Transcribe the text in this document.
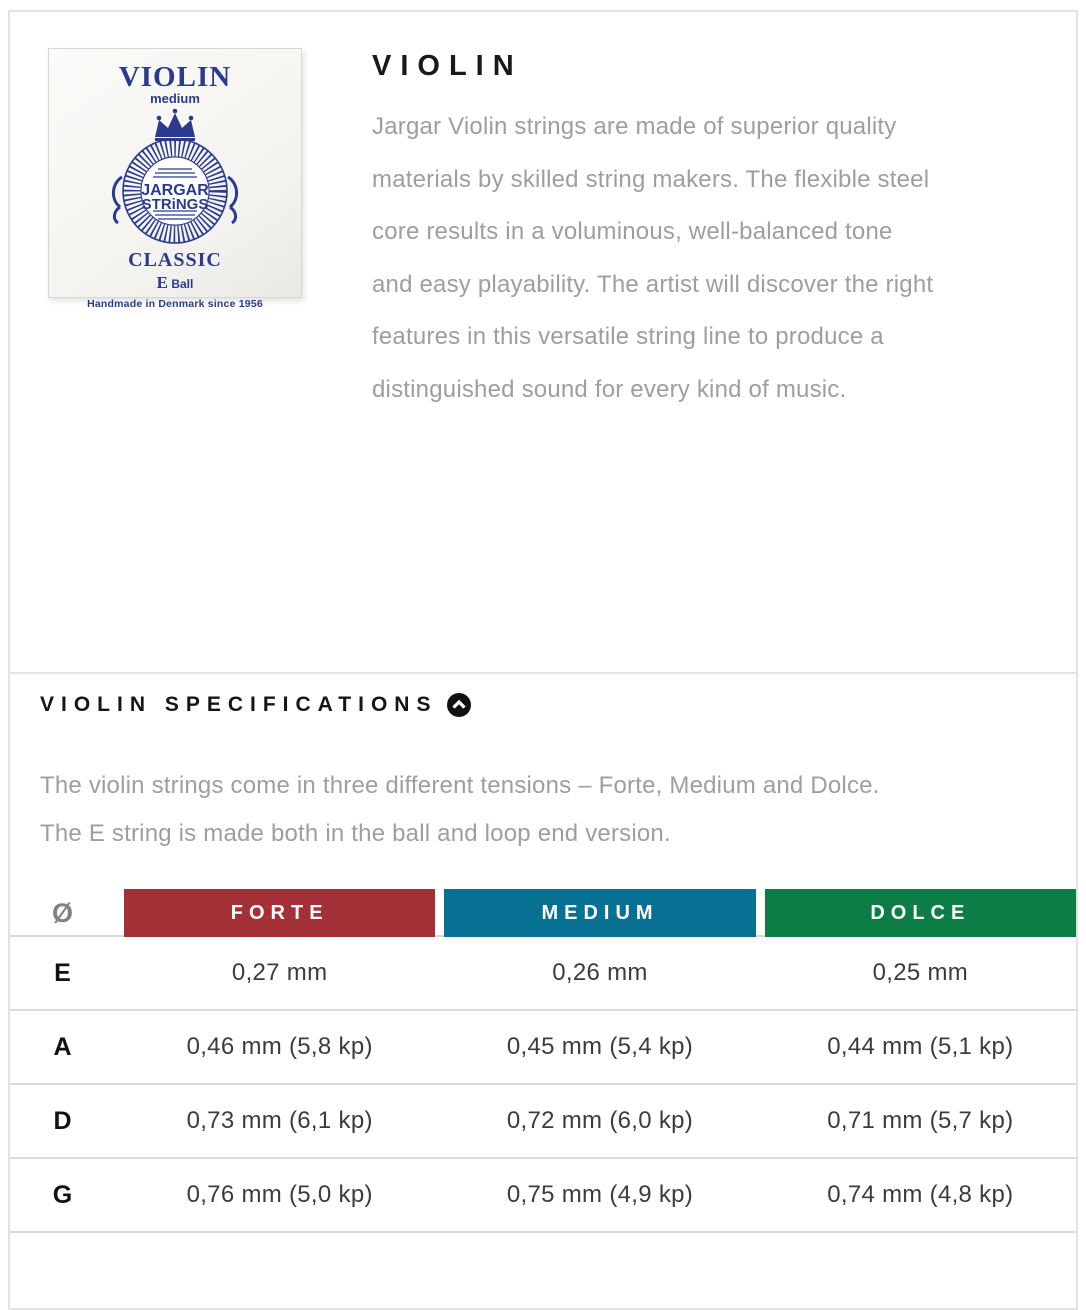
VIOLIN
medium
JARGAR
STRiNGS
CLASSIC
E Ball
Handmade in Denmark since 1956
VIOLIN
Jargar Violin strings are made of superior quality
materials by skilled string makers. The flexible steel
core results in a voluminous, well-balanced tone
and easy playability. The artist will discover the right
features in this versatile string line to produce a
distinguished sound for every kind of music.
VIOLIN SPECIFICATIONS
The violin strings come in three different tensions – Forte, Medium and Dolce.
The E string is made both in the ball and loop end version.
Ø	FORTE	MEDIUM	DOLCE
E	0,27 mm	0,26 mm	0,25 mm
A	0,46 mm (5,8 kp)	0,45 mm (5,4 kp)	0,44 mm (5,1 kp)
D	0,73 mm (6,1 kp)	0,72 mm (6,0 kp)	0,71 mm (5,7 kp)
G	0,76 mm (5,0 kp)	0,75 mm (4,9 kp)	0,74 mm (4,8 kp)
